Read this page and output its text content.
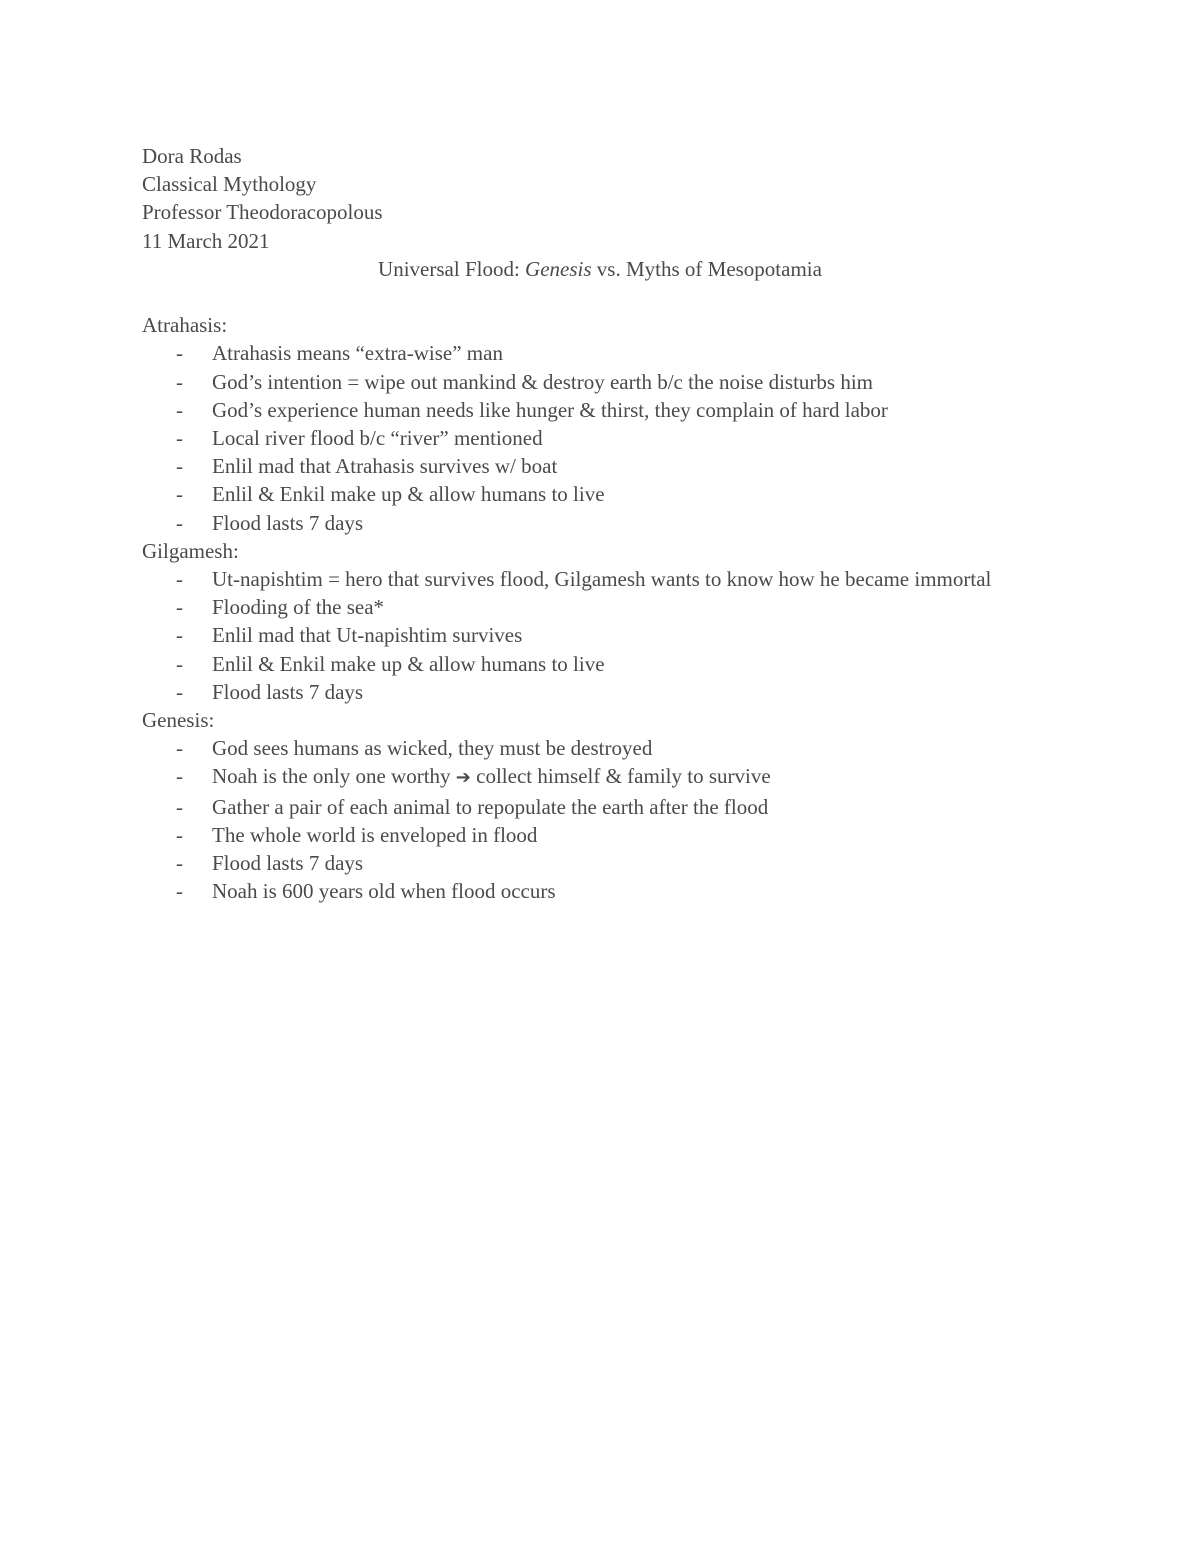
Dora Rodas
Classical Mythology
Professor Theodoracopolous
11 March 2021
Universal Flood: Genesis vs. Myths of Mesopotamia
Atrahasis:
- Atrahasis means “extra-wise” man
- God’s intention = wipe out mankind & destroy earth b/c the noise disturbs him
- God’s experience human needs like hunger & thirst, they complain of hard labor
- Local river flood b/c “river” mentioned
- Enlil mad that Atrahasis survives w/ boat
- Enlil & Enkil make up & allow humans to live
- Flood lasts 7 days
Gilgamesh:
- Ut-napishtim = hero that survives flood, Gilgamesh wants to know how he became immortal
- Flooding of the sea*
- Enlil mad that Ut-napishtim survives
- Enlil & Enkil make up & allow humans to live
- Flood lasts 7 days
Genesis:
- God sees humans as wicked, they must be destroyed
- Noah is the only one worthy ➔ collect himself & family to survive
- Gather a pair of each animal to repopulate the earth after the flood
- The whole world is enveloped in flood
- Flood lasts 7 days
- Noah is 600 years old when flood occurs
